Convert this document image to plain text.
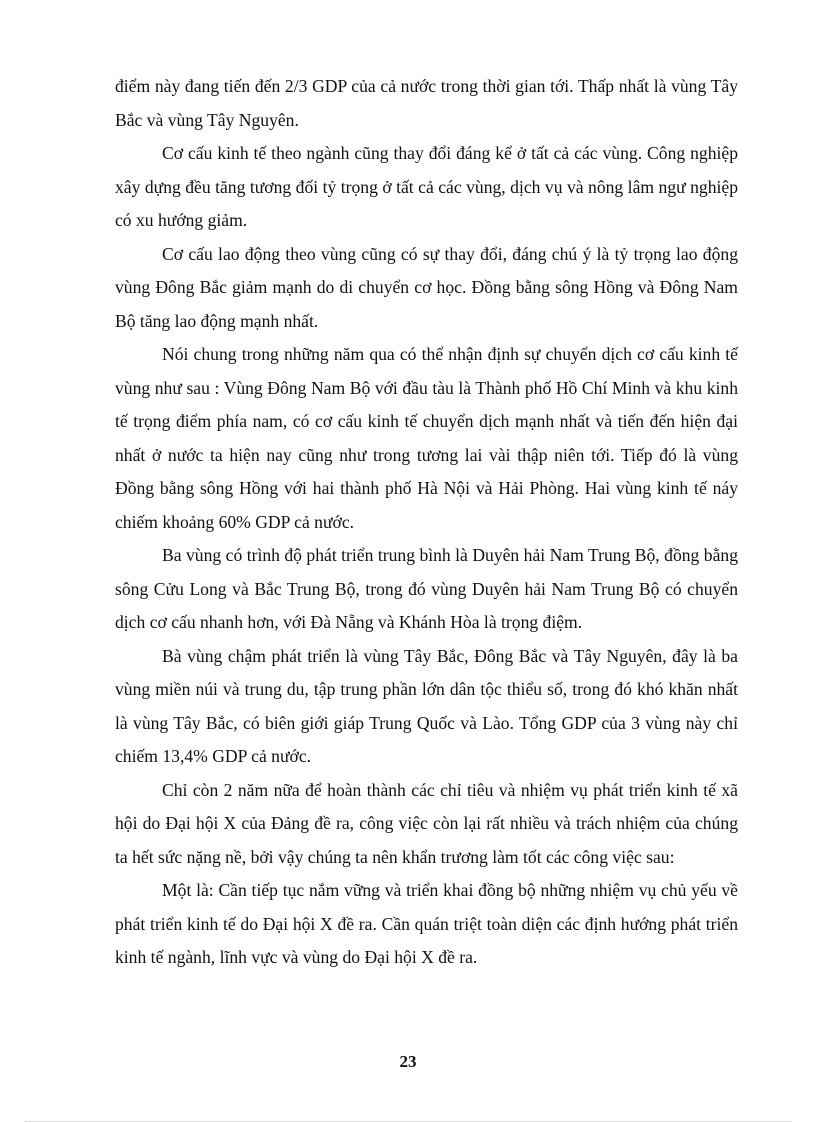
điểm này đang tiến đến 2/3 GDP của cả nước trong thời gian tới. Thấp nhất là vùng Tây Bắc và vùng Tây Nguyên.

Cơ cấu kinh tế theo ngành cũng thay đổi đáng kể ở tất cả các vùng. Công nghiệp xây dựng đều tăng tương đối tỷ trọng ở tất cả các vùng, dịch vụ và nông lâm ngư nghiệp có xu hướng giảm.

Cơ cấu lao động theo vùng cũng có sự thay đổi, đáng chú ý là tỷ trọng lao động vùng Đông Bắc giảm mạnh do di chuyển cơ học. Đồng bằng sông Hồng và Đông Nam Bộ tăng lao động mạnh nhất.

Nói chung trong những năm qua có thể nhận định sự chuyển dịch cơ cấu kinh tế vùng như sau : Vùng Đông Nam Bộ với đầu tàu là Thành phố Hồ Chí Minh và khu kinh tế trọng điểm phía nam, có cơ cấu kinh tế chuyển dịch mạnh nhất và tiến đến hiện đại nhất ở nước ta hiện nay cũng như trong tương lai vài thập niên tới. Tiếp đó là vùng Đồng bằng sông Hồng với hai thành phố Hà Nội và Hải Phòng. Hai vùng kinh tế náy chiếm khoảng 60% GDP cả nước.

Ba vùng có trình độ phát triển trung bình là Duyên hải Nam Trung Bộ, đồng bằng sông Cửu Long và Bắc Trung Bộ, trong đó vùng Duyên hải Nam Trung Bộ có chuyển dịch cơ cấu nhanh hơn, với Đà Nẵng và Khánh Hòa là trọng điệm.

Bà vùng chậm phát triển là vùng Tây Bắc, Đông Bắc và Tây Nguyên, đây là ba vùng miền núi và trung du, tập trung phần lớn dân tộc thiểu số, trong đó khó khăn nhất là vùng Tây Bắc, có biên giới giáp Trung Quốc và Lào. Tổng GDP của 3 vùng này chỉ chiếm 13,4% GDP cả nước.

Chỉ còn 2 năm nữa để hoàn thành các chỉ tiêu và nhiệm vụ phát triển kinh tế xã hội do Đại hội X của Đảng đề ra, công việc còn lại rất nhiều và trách nhiệm của chúng ta hết sức nặng nề, bởi vậy chúng ta nên khẩn trương làm tốt các công việc sau:

Một là: Cần tiếp tục nắm vững và triển khai đồng bộ những nhiệm vụ chủ yếu về phát triển kinh tế do Đại hội X đề ra. Cần quán triệt toàn diện các định hướng phát triển kinh tế ngành, lĩnh vực và vùng do Đại hội X đề ra.

23
